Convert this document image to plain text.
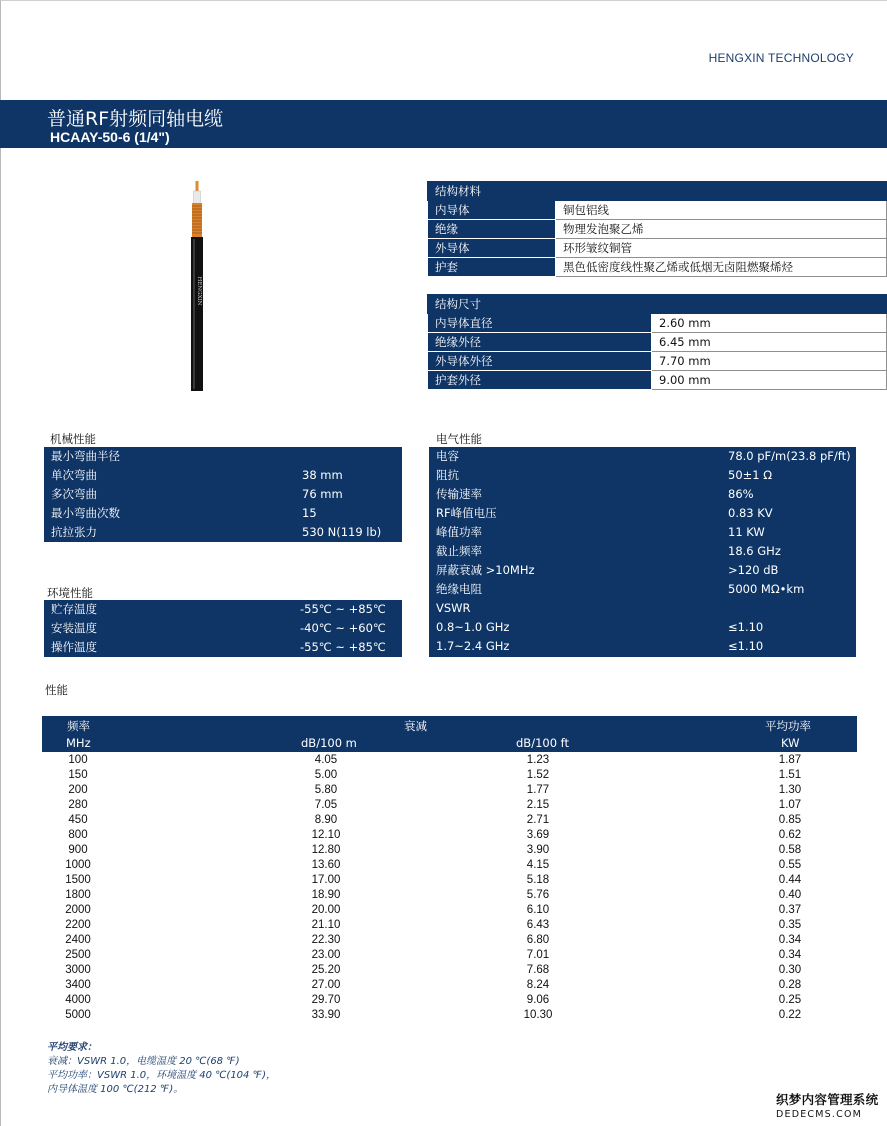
HENGXIN TECHNOLOGY
普通RF射频同轴电缆
HCAAY-50-6 (1/4")
HENGXIN
结构材料	
内导体	铜包铝线
绝缘	物理发泡聚乙烯
外导体	环形皱纹铜管
护套	黑色低密度线性聚乙烯或低烟无卤阻燃聚烯烃
结构尺寸	
内导体直径	2.60 mm
绝缘外径	6.45 mm
外导体外径	7.70 mm
护套外径	9.00 mm
机械性能
最小弯曲半径
单次弯曲	38 mm
多次弯曲	76 mm
最小弯曲次数	15
抗拉张力	530 N(119 lb)
环境性能
贮存温度	-55℃ ~ +85℃
安装温度	-40℃ ~ +60℃
操作温度	-55℃ ~ +85℃
电气性能
电容	78.0 pF/m(23.8 pF/ft)
阻抗	50±1 Ω
传输速率	86%
RF峰值电压	0.83 KV
峰值功率	11 KW
截止频率	18.6 GHz
屏蔽衰减 >10MHz	>120 dB
绝缘电阻	5000 MΩ•km
VSWR
0.8~1.0 GHz	≤1.10
1.7~2.4 GHz	≤1.10
性能
频率	衰减	平均功率
MHz	dB/100 m	dB/100 ft	KW
100	4.05	1.23	1.87
150	5.00	1.52	1.51
200	5.80	1.77	1.30
280	7.05	2.15	1.07
450	8.90	2.71	0.85
800	12.10	3.69	0.62
900	12.80	3.90	0.58
1000	13.60	4.15	0.55
1500	17.00	5.18	0.44
1800	18.90	5.76	0.40
2000	20.00	6.10	0.37
2200	21.10	6.43	0.35
2400	22.30	6.80	0.34
2500	23.00	7.01	0.34
3000	25.20	7.68	0.30
3400	27.00	8.24	0.28
4000	29.70	9.06	0.25
5000	33.90	10.30	0.22
平均要求：
衰减：VSWR 1.0，电缆温度 20 ℃(68 ℉)
平均功率：VSWR 1.0，环境温度 40 ℃(104 ℉)，
内导体温度 100 ℃(212 ℉)。
织梦内容管理系统
DEDECMS.COM
